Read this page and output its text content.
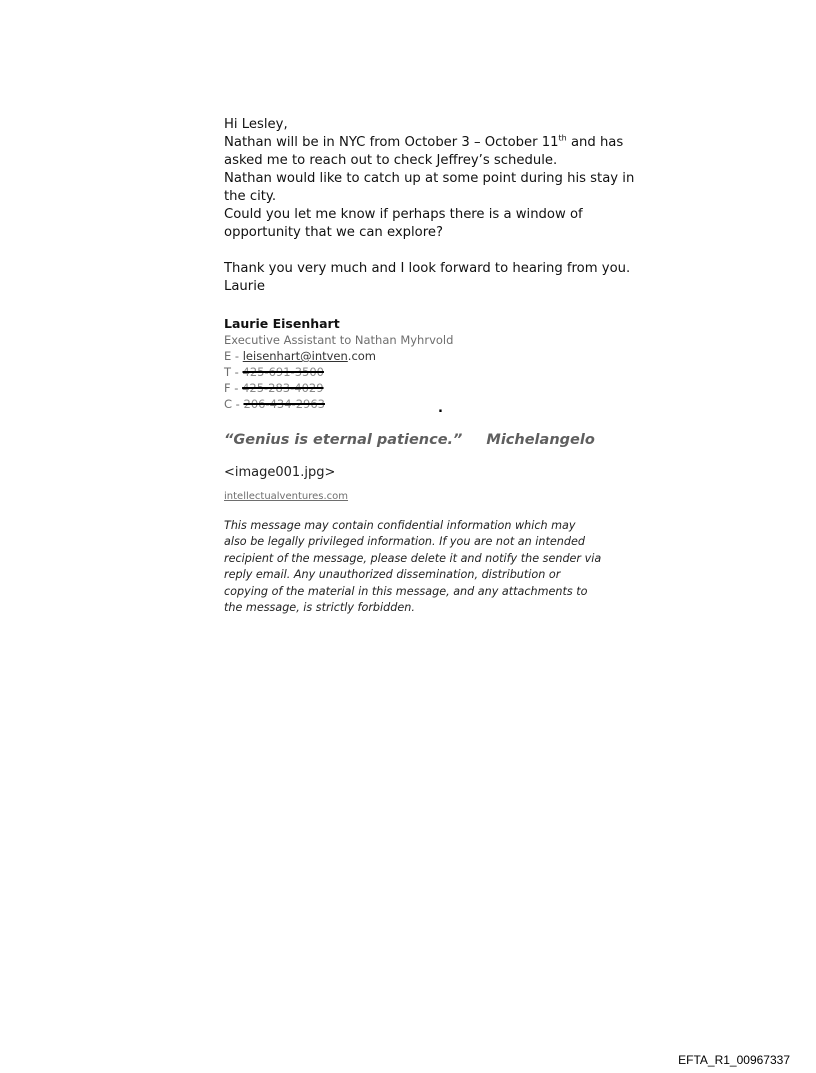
Hi Lesley,

Nathan will be in NYC from October 3 – October 11th and has

asked me to reach out to check Jeffrey’s schedule.

Nathan would like to catch up at some point during his stay in

the city.

Could you let me know if perhaps there is a window of

opportunity that we can explore?

Thank you very much and I look forward to hearing from you.

Laurie

Laurie Eisenhart
Executive Assistant to Nathan Myhrvold
E - leisenhart@intven.com
T - 425-691-3500
F - 425-283-4029
C - 206-434-2963	.
“Genius is eternal patience.” Michelangelo
<image001.jpg>
intellectualventures.com

This message may contain confidential information which may

also be legally privileged information. If you are not an intended

recipient of the message, please delete it and notify the sender via

reply email. Any unauthorized dissemination, distribution or

copying of the material in this message, and any attachments to

the message, is strictly forbidden.

EFTA_R1_00967337
